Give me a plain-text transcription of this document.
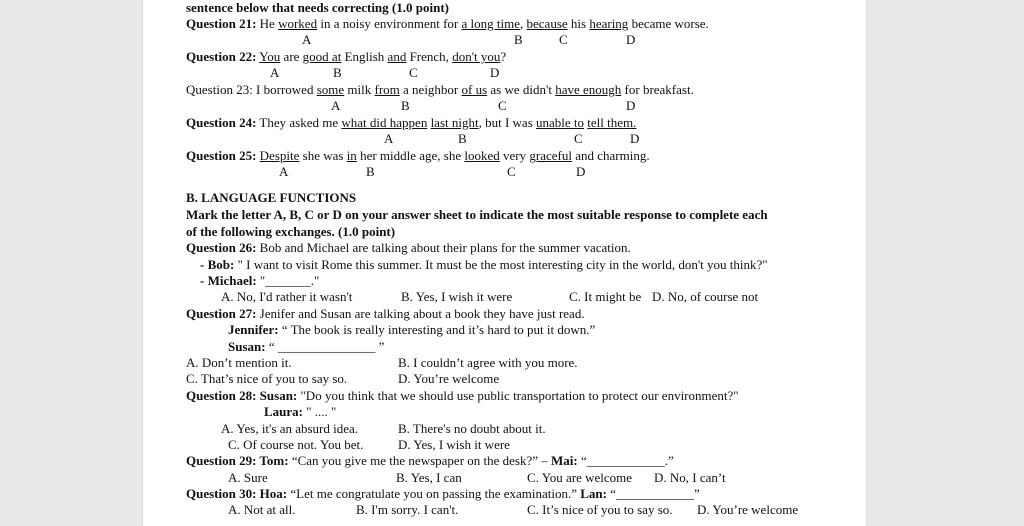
sentence below that needs correcting (1.0 point)
Question 21: He worked in a noisy environment for a long time, because his hearing became worse.
A	B	C	D
Question 22: You are good at English and French, don't you?
A	B	C	D
Question 23: I borrowed some milk from a neighbor of us as we didn't have enough for breakfast.
A	B	C	D
Question 24: They asked me what did happen last night, but I was unable to tell them.
A	B	C	D
Question 25: Despite she was in her middle age, she looked very graceful and charming.
A	B	C	D
B. LANGUAGE FUNCTIONS
Mark the letter A, B, C or D on your answer sheet to indicate the most suitable response to complete each
of the following exchanges. (1.0 point)
Question 26: Bob and Michael are talking about their plans for the summer vacation.
- Bob: " I want to visit Rome this summer. It must be the most interesting city in the world, don't you think?"
- Michael: "_______."
A. No, I'd rather it wasn't	B. Yes, I wish it were	C. It might be D. No, of course not
Question 27: Jenifer and Susan are talking about a book they have just read.
Jennifer: “ The book is really interesting and it’s hard to put it down.”
Susan: “ _______________ ”
A. Don’t mention it.	B. I couldn’t agree with you more.
C. That’s nice of you to say so.	D. You’re welcome
Question 28: Susan: "Do you think that we should use public transportation to protect our environment?"
Laura: " .... "
A. Yes, it's an absurd idea.	B. There's no doubt about it.
C. Of course not. You bet.	D. Yes, I wish it were
Question 29: Tom: “Can you give me the newspaper on the desk?” – Mai: “____________.”
A. Sure	B. Yes, I can	C. You are welcome D. No, I can’t
Question 30: Hoa: “Let me congratulate you on passing the examination.” Lan: “____________”
A. Not at all.	B. I'm sorry. I can't.	C. It’s nice of you to say so. D. You’re welcome
